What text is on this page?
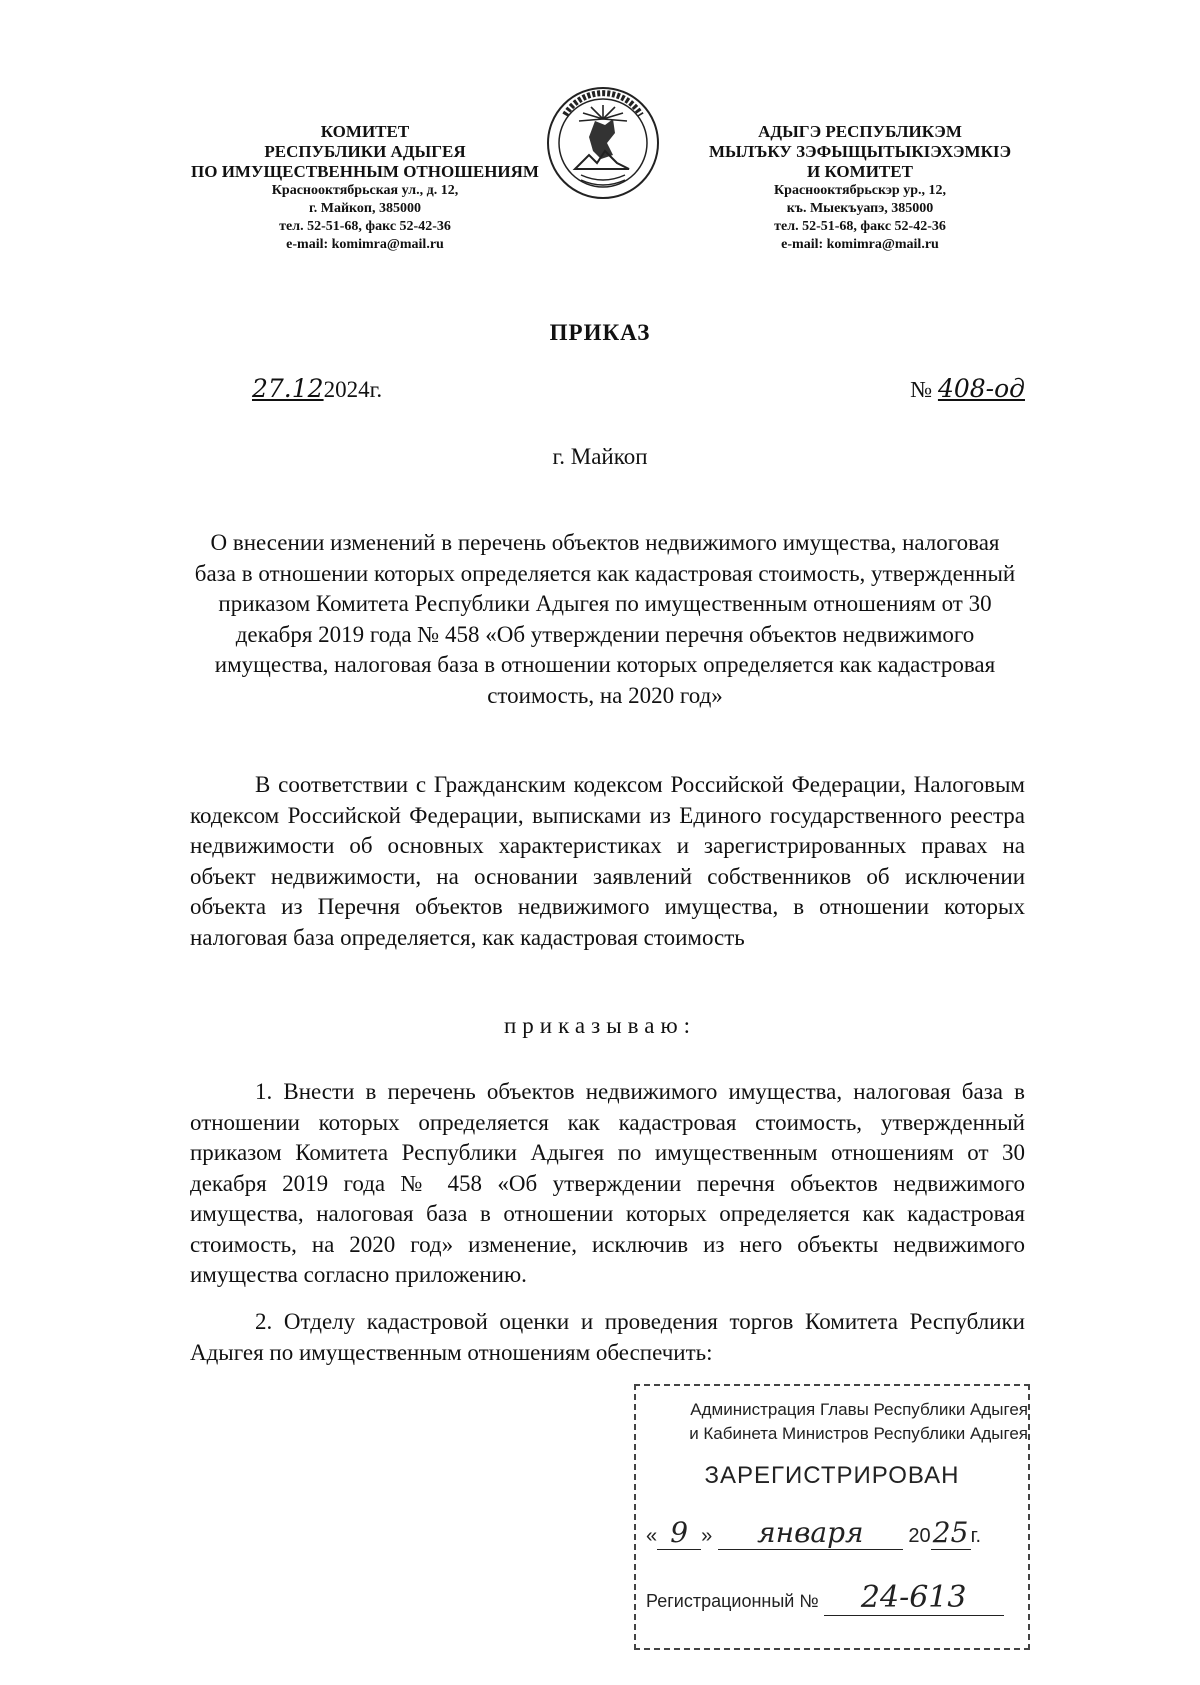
КОМИТЕТ
РЕСПУБЛИКИ АДЫГЕЯ
ПО ИМУЩЕСТВЕННЫМ ОТНОШЕНИЯМ
Краснооктябрьская ул., д. 12,
г. Майкоп, 385000
тел. 52-51-68, факс 52-42-36
e-mail: komimra@mail.ru
АДЫГЭ РЕСПУБЛИКЭМ
МЫЛЪКУ ЗЭФЫЩЫТЫКІЭХЭМКІЭ
И КОМИТЕТ
Краснооктябрьскэр ур., 12,
къ. Мыекъуапэ, 385000
тел. 52-51-68, факс 52-42-36
e-mail: komimra@mail.ru
ПРИКАЗ
27.122024г.	№ 408-од
г. Майкоп
О внесении изменений в перечень объектов недвижимого имущества, налоговая база в отношении которых определяется как кадастровая стоимость, утвержденный приказом Комитета Республики Адыгея по имущественным отношениям от 30 декабря 2019 года № 458 «Об утверждении перечня объектов недвижимого имущества, налоговая база в отношении которых определяется как кадастровая стоимость, на 2020 год»
В соответствии с Гражданским кодексом Российской Федерации, Налоговым кодексом Российской Федерации, выписками из Единого государственного реестра недвижимости об основных характеристиках и зарегистрированных правах на объект недвижимости, на основании заявлений собственников об исключении объекта из Перечня объектов недвижимого имущества, в отношении которых налоговая база определяется, как кадастровая стоимость
приказываю:
1. Внести в перечень объектов недвижимого имущества, налоговая база в отношении которых определяется как кадастровая стоимость, утвержденный приказом Комитета Республики Адыгея по имущественным отношениям от 30 декабря 2019 года № 458 «Об утверждении перечня объектов недвижимого имущества, налоговая база в отношении которых определяется как кадастровая стоимость, на 2020 год» изменение, исключив из него объекты недвижимого имущества согласно приложению.
2. Отделу кадастровой оценки и проведения торгов Комитета Республики Адыгея по имущественным отношениям обеспечить:
Администрация Главы Республики Адыгея
и Кабинета Министров Республики Адыгея
ЗАРЕГИСТРИРОВАН
« 9 » января 2025 г.
Регистрационный № 24-613
